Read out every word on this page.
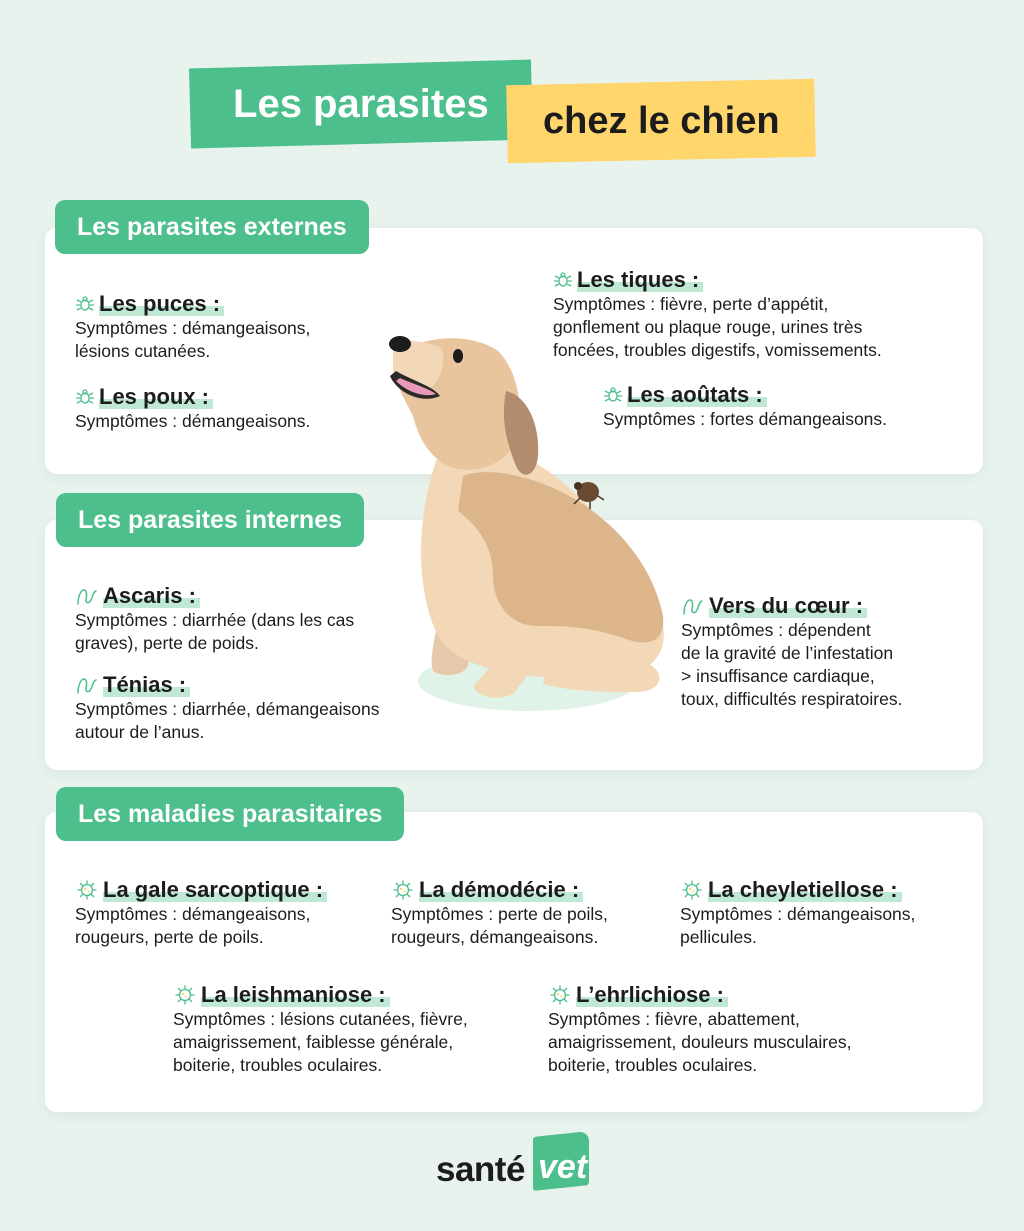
Les parasites chez le chien
Les parasites externes
Les puces :
Symptômes : démangeaisons,
lésions cutanées.
Les poux :
Symptômes : démangeaisons.
Les tiques :
Symptômes : fièvre, perte d’appétit,
gonflement ou plaque rouge, urines très
foncées, troubles digestifs, vomissements.
Les aoûtats :
Symptômes : fortes démangeaisons.
Les parasites internes
Ascaris :
Symptômes : diarrhée (dans les cas
graves), perte de poids.
Ténias :
Symptômes : diarrhée, démangeaisons
autour de l’anus.
Vers du cœur :
Symptômes : dépendent
de la gravité de l’infestation
> insuffisance cardiaque,
toux, difficultés respiratoires.
Les maladies parasitaires
La gale sarcoptique :
Symptômes : démangeaisons,
rougeurs, perte de poils.
La démodécie :
Symptômes : perte de poils,
rougeurs, démangeaisons.
La cheyletiellose :
Symptômes : démangeaisons,
pellicules.
La leishmaniose :
Symptômes : lésions cutanées, fièvre,
amaigrissement, faiblesse générale,
boiterie, troubles oculaires.
L’ehrlichiose :
Symptômes : fièvre, abattement,
amaigrissement, douleurs musculaires,
boiterie, troubles oculaires.
santé vet
